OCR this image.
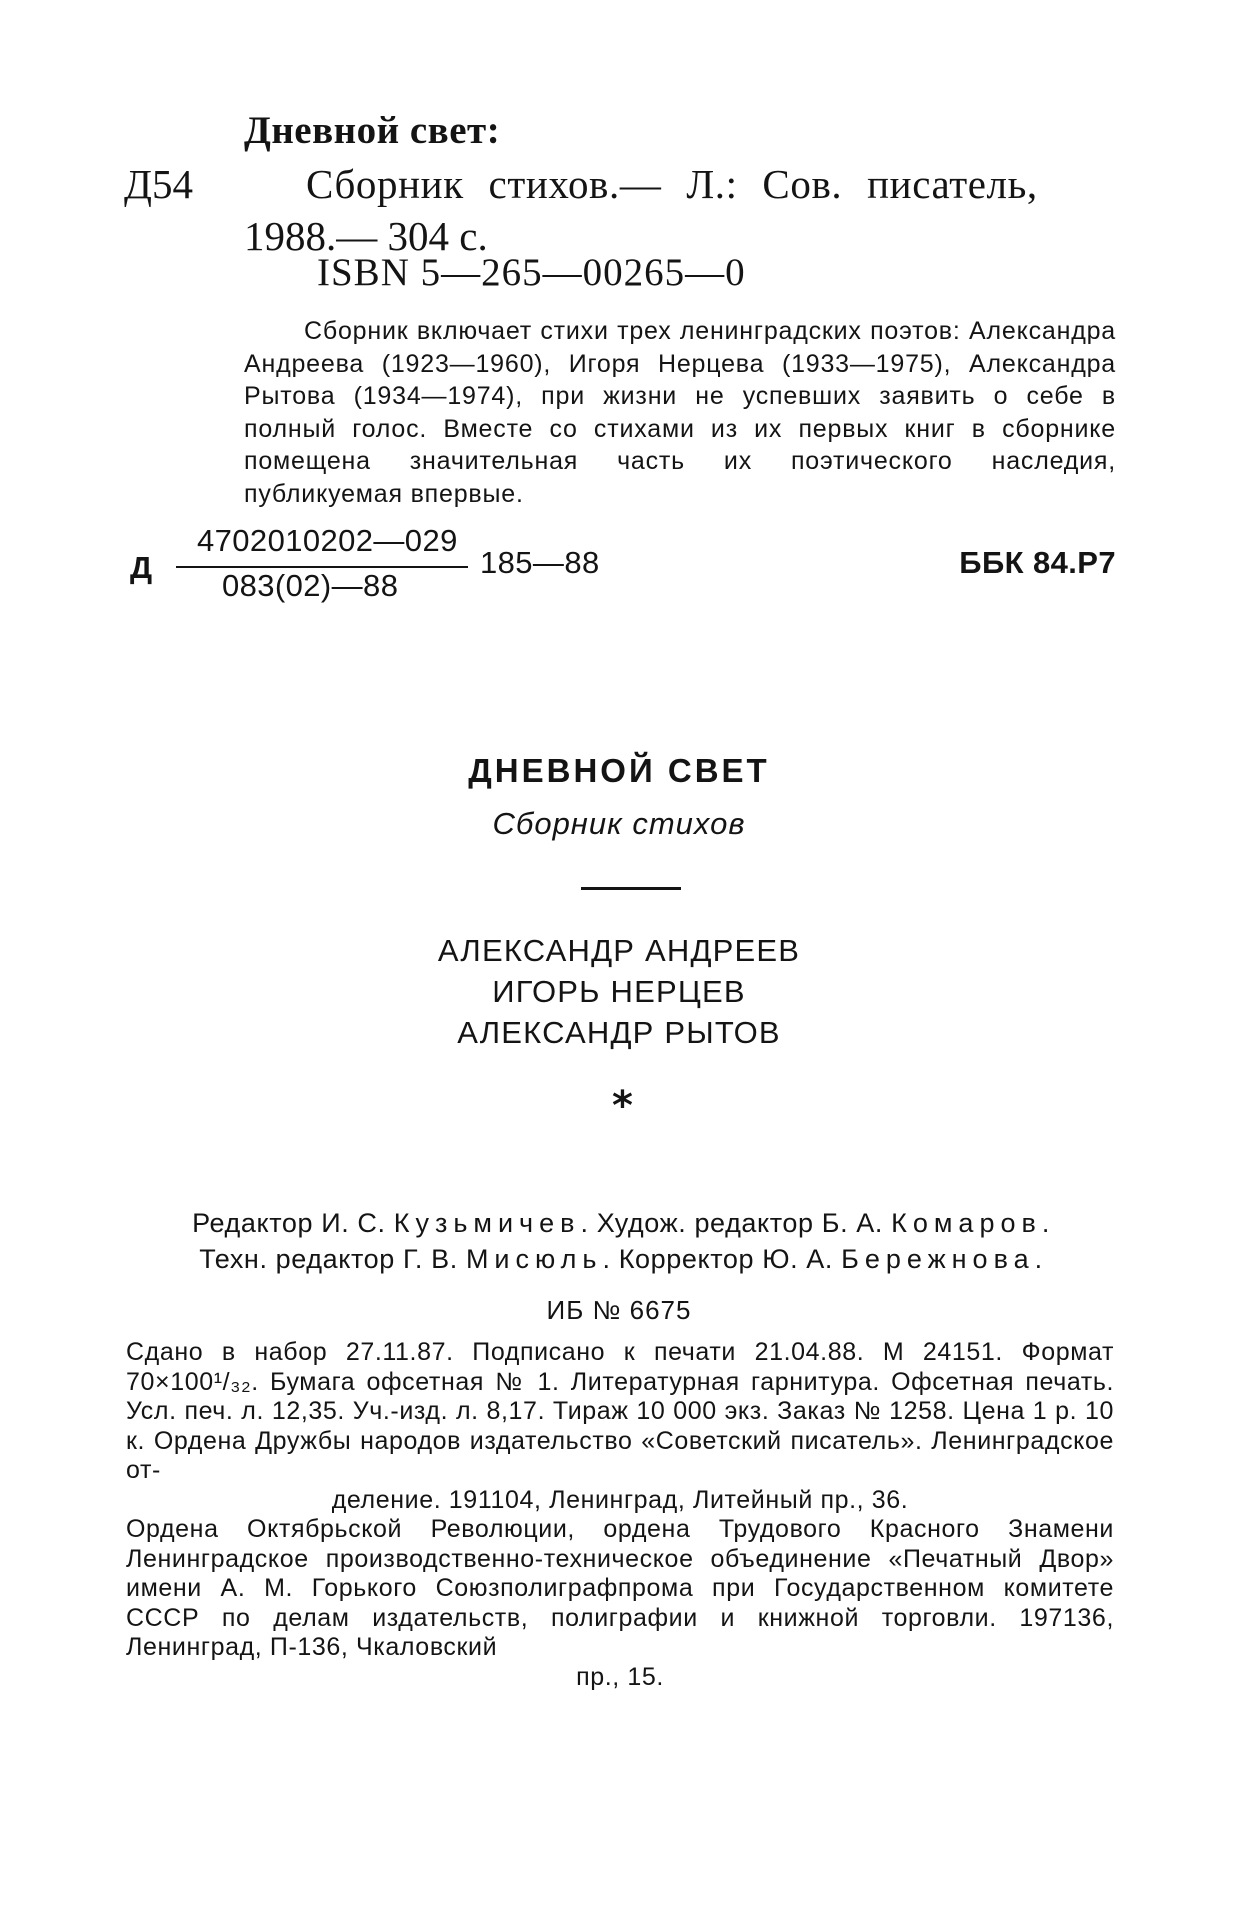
Дневной свет:
Д54	Сборник стихов.— Л.: Сов. писатель,
1988.— 304 с.
ISBN 5—265—00265—0

Сборник включает стихи трех ленинградских поэтов: Александра Андреева (1923—1960), Игоря Нерцева (1933—1975), Александра Рытова (1934—1974), при жизни не успевших заявить о себе в полный голос. Вместе со стихами из их первых книг в сборнике помещена значительная часть их поэтического наследия, публикуемая впервые.

Д
4702010202—029
083(02)—88
185—88	ББК 84.Р7
ДНЕВНОЙ СВЕТ
Сборник стихов
АЛЕКСАНДР АНДРЕЕВ
ИГОРЬ НЕРЦЕВ
АЛЕКСАНДР РЫТОВ
*
Редактор И. С. Кузьмичев. Худож. редактор Б. А. Комаров.
Техн. редактор Г. В. Мисюль. Корректор Ю. А. Бережнова.
ИБ № 6675
Сдано в набор 27.11.87. Подписано к печати 21.04.88. М 24151. Формат 70×100¹/₃₂. Бумага офсетная № 1. Литературная гарнитура. Офсетная печать. Усл. печ. л. 12,35. Уч.-изд. л. 8,17. Тираж 10 000 экз. Заказ № 1258. Цена 1 р. 10 к. Ордена Дружбы народов издательство «Советский писатель». Ленинградское от-
деление. 191104, Ленинград, Литейный пр., 36.
Ордена Октябрьской Революции, ордена Трудового Красного Знамени Ленинградское производственно-техническое объединение «Печатный Двор» имени А. М. Горького Союзполиграфпрома при Государственном комитете СССР по делам издательств, полиграфии и книжной торговли. 197136, Ленинград, П-136, Чкаловский
пр., 15.
